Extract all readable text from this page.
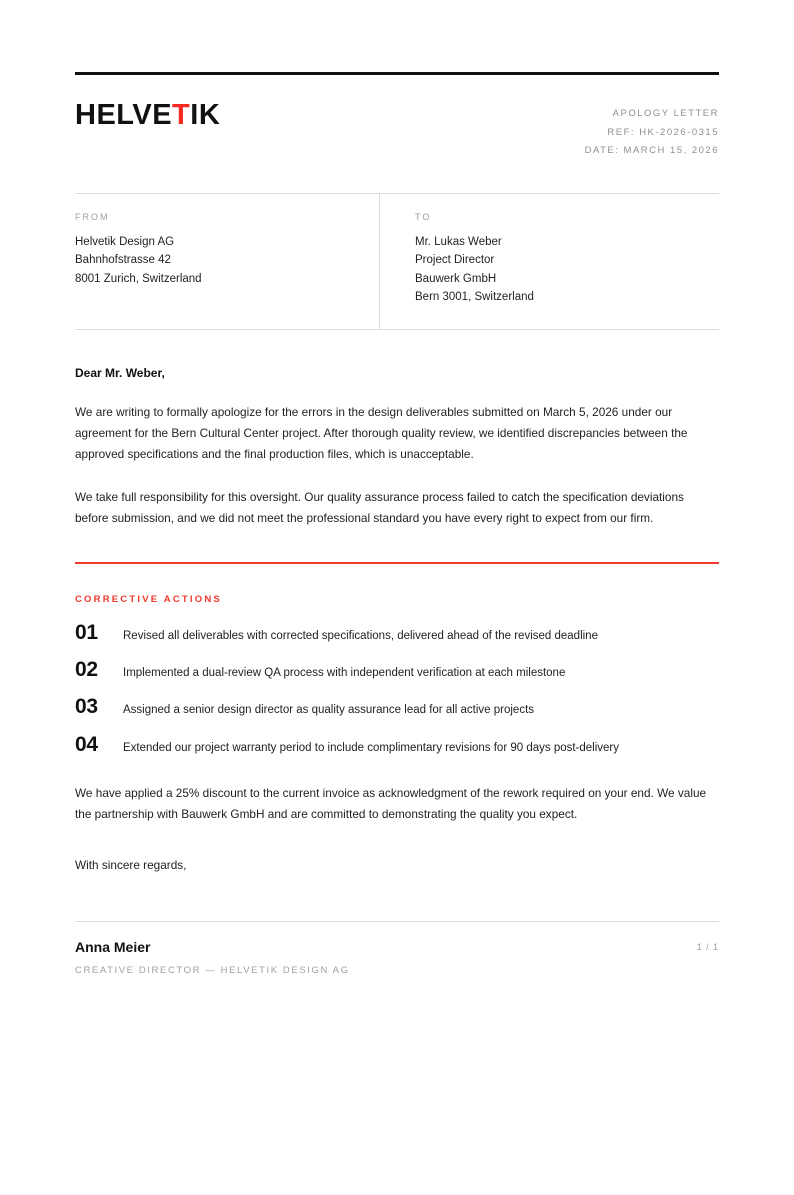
HELVETIK	APOLOGY LETTER
REF: HK-2026-0315
DATE: MARCH 15, 2026
FROM
Helvetik Design AG
Bahnhofstrasse 42
8001 Zurich, Switzerland
TO
Mr. Lukas Weber
Project Director
Bauwerk GmbH
Bern 3001, Switzerland
Dear Mr. Weber,
We are writing to formally apologize for the errors in the design deliverables submitted on March 5, 2026 under our agreement for the Bern Cultural Center project. After thorough quality review, we identified discrepancies between the approved specifications and the final production files, which is unacceptable.
We take full responsibility for this oversight. Our quality assurance process failed to catch the specification deviations before submission, and we did not meet the professional standard you have every right to expect from our firm.
CORRECTIVE ACTIONS
01	Revised all deliverables with corrected specifications, delivered ahead of the revised deadline
02	Implemented a dual-review QA process with independent verification at each milestone
03	Assigned a senior design director as quality assurance lead for all active projects
04	Extended our project warranty period to include complimentary revisions for 90 days post-delivery
We have applied a 25% discount to the current invoice as acknowledgment of the rework required on your end. We value the partnership with Bauwerk GmbH and are committed to demonstrating the quality you expect.
With sincere regards,
Anna Meier
CREATIVE DIRECTOR — HELVETIK DESIGN AG
1 / 1
